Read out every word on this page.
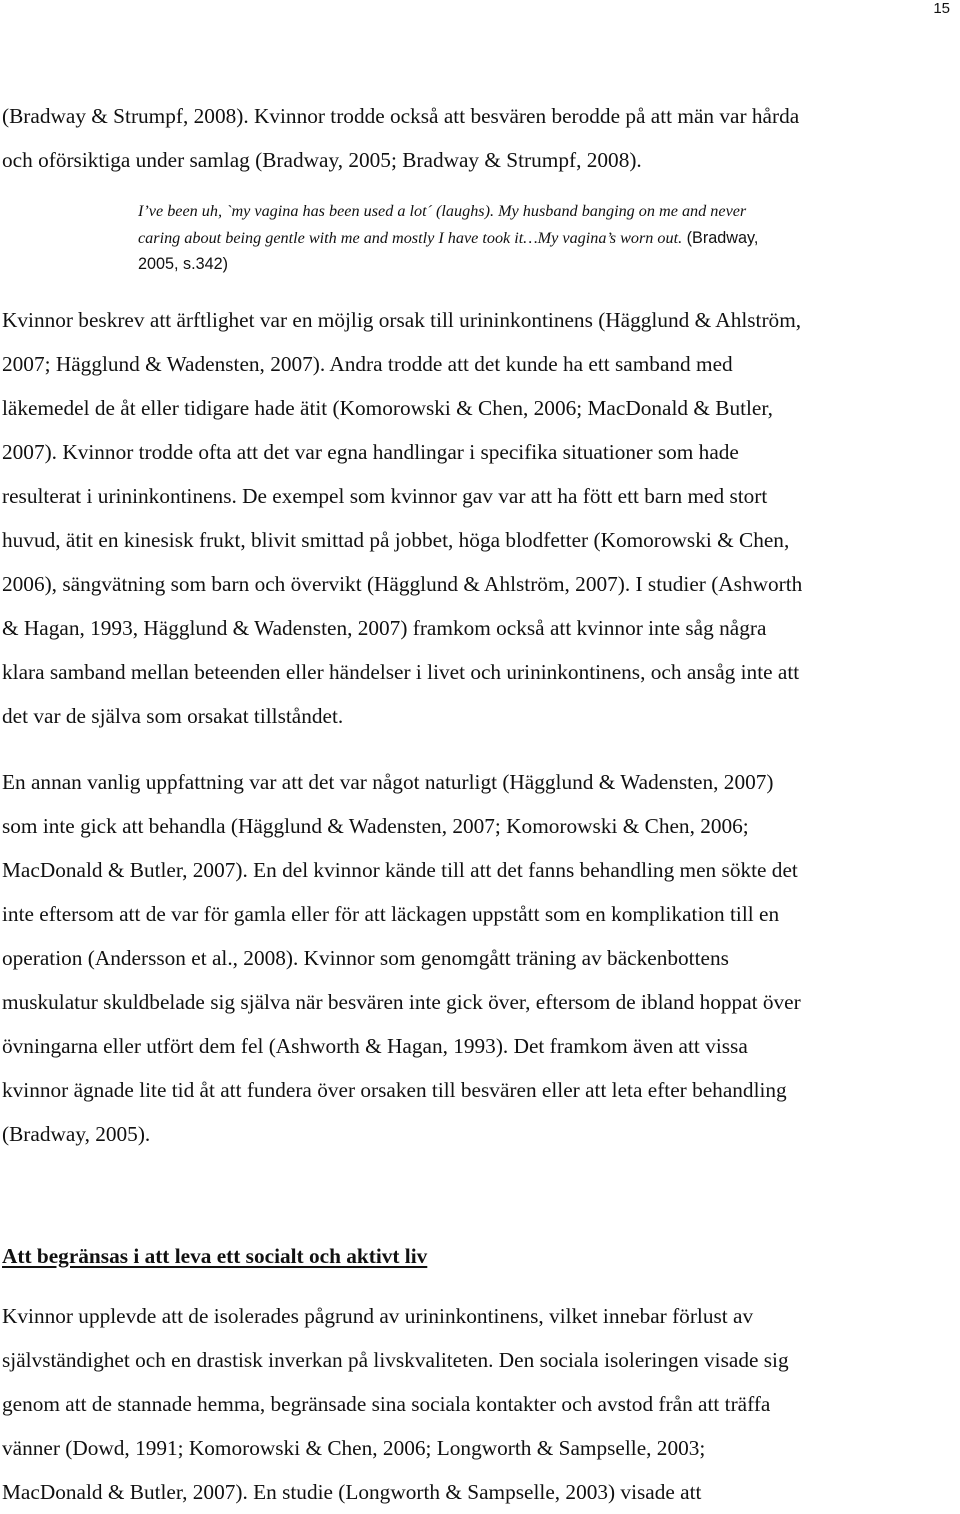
15

(Bradway & Strumpf, 2008). Kvinnor trodde också att besvären berodde på att män var hårda
och oförsiktiga under samlag (Bradway, 2005; Bradway & Strumpf, 2008).

I’ve been uh, `my vagina has been used a lot´ (laughs). My husband banging on me and never
caring about being gentle with me and mostly I have took it…My vagina’s worn out. (Bradway,
2005, s.342)

Kvinnor beskrev att ärftlighet var en möjlig orsak till urininkontinens (Hägglund & Ahlström,
2007; Hägglund & Wadensten, 2007). Andra trodde att det kunde ha ett samband med
läkemedel de åt eller tidigare hade ätit (Komorowski & Chen, 2006; MacDonald & Butler,
2007). Kvinnor trodde ofta att det var egna handlingar i specifika situationer som hade
resulterat i urininkontinens. De exempel som kvinnor gav var att ha fött ett barn med stort
huvud, ätit en kinesisk frukt, blivit smittad på jobbet, höga blodfetter (Komorowski & Chen,
2006), sängvätning som barn och övervikt (Hägglund & Ahlström, 2007). I studier (Ashworth
& Hagan, 1993, Hägglund & Wadensten, 2007) framkom också att kvinnor inte såg några
klara samband mellan beteenden eller händelser i livet och urininkontinens, och ansåg inte att
det var de själva som orsakat tillståndet.

En annan vanlig uppfattning var att det var något naturligt (Hägglund & Wadensten, 2007)
som inte gick att behandla (Hägglund & Wadensten, 2007; Komorowski & Chen, 2006;
MacDonald & Butler, 2007). En del kvinnor kände till att det fanns behandling men sökte det
inte eftersom att de var för gamla eller för att läckagen uppstått som en komplikation till en
operation (Andersson et al., 2008). Kvinnor som genomgått träning av bäckenbottens
muskulatur skuldbelade sig själva när besvären inte gick över, eftersom de ibland hoppat över
övningarna eller utfört dem fel (Ashworth & Hagan, 1993). Det framkom även att vissa
kvinnor ägnade lite tid åt att fundera över orsaken till besvären eller att leta efter behandling
(Bradway, 2005).

Att begränsas i att leva ett socialt och aktivt liv

Kvinnor upplevde att de isolerades pågrund av urininkontinens, vilket innebar förlust av
självständighet och en drastisk inverkan på livskvaliteten. Den sociala isoleringen visade sig
genom att de stannade hemma, begränsade sina sociala kontakter och avstod från att träffa
vänner (Dowd, 1991; Komorowski & Chen, 2006; Longworth & Sampselle, 2003;
MacDonald & Butler, 2007). En studie (Longworth & Sampselle, 2003) visade att
